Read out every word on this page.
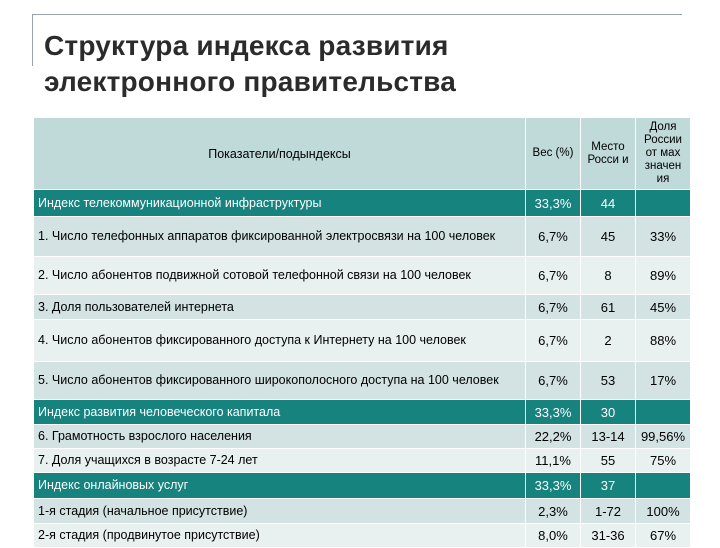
Структура индекса развития
электронного правительства
Показатели/подындексы	Вес (%)	Место Росси и	Доля России от мах значен ия
Индекс телекоммуникационной инфраструктуры	33,3%	44	
1. Число телефонных аппаратов фиксированной электросвязи на 100 человек	6,7%	45	33%
2. Число абонентов подвижной сотовой телефонной связи на 100 человек	6,7%	8	89%
3. Доля пользователей интернета	6,7%	61	45%
4. Число абонентов фиксированного доступа к Интернету на 100 человек	6,7%	2	88%
5. Число абонентов фиксированного широкополосного доступа на 100 человек	6,7%	53	17%
Индекс развития человеческого капитала	33,3%	30	
6. Грамотность взрослого населения	22,2%	13-14	99,56%
7. Доля учащихся в возрасте 7-24 лет	11,1%	55	75%
Индекс онлайновых услуг	33,3%	37	
1-я стадия (начальное присутствие)	2,3%	1-72	100%
2-я стадия (продвинутое присутствие)	8,0%	31-36	67%
